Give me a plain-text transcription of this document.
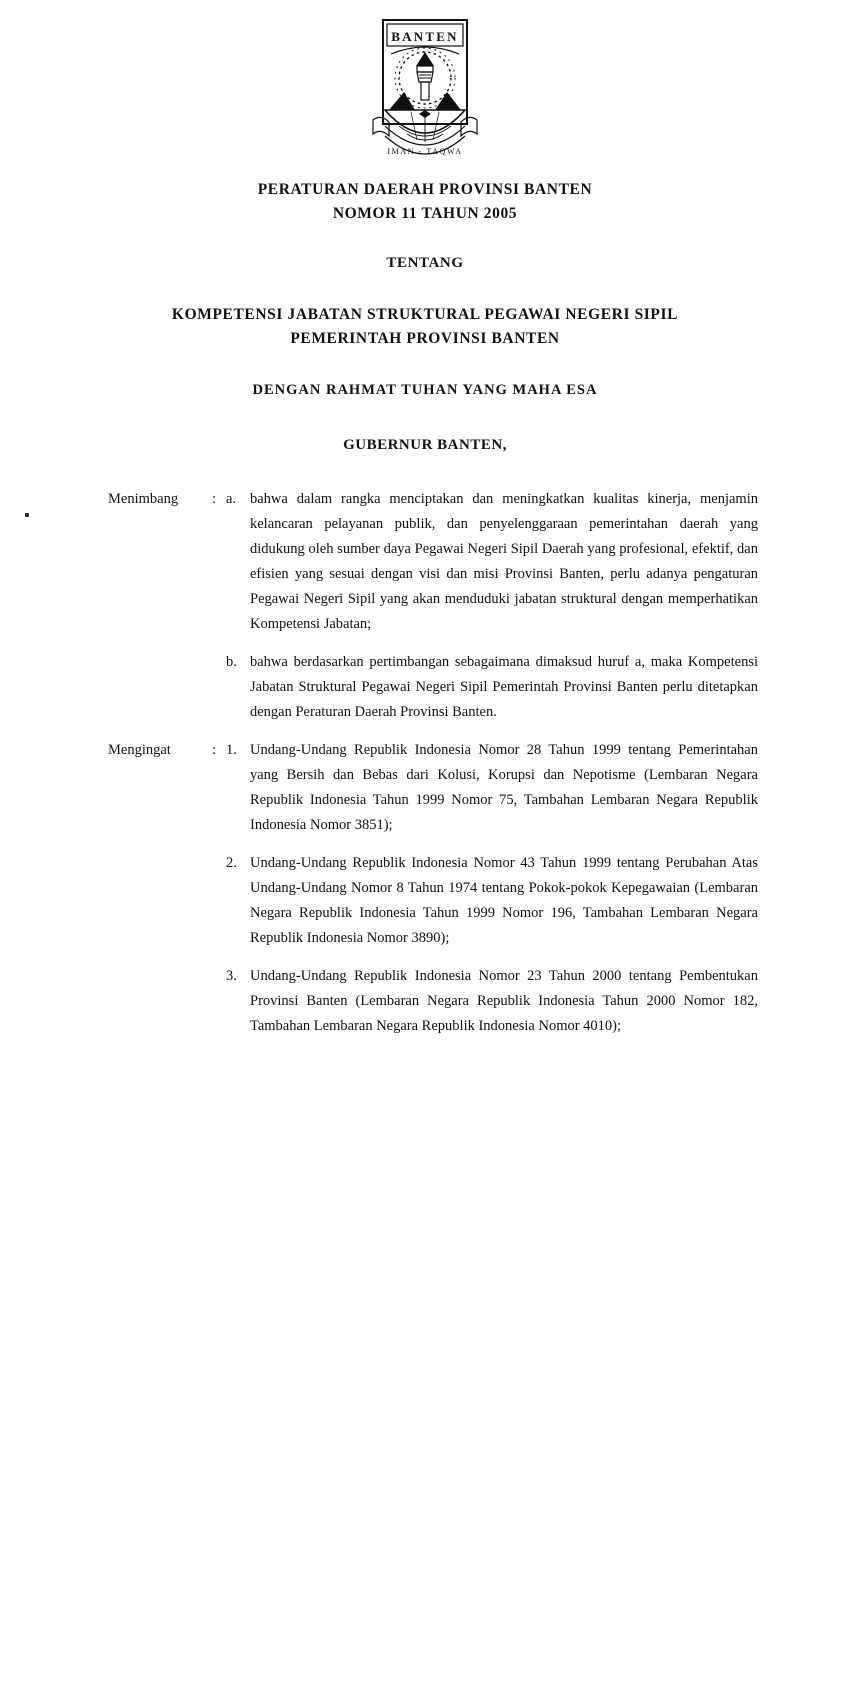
BANTEN
IMAN - TAQWA
PERATURAN DAERAH PROVINSI BANTEN
NOMOR 11 TAHUN 2005
TENTANG
KOMPETENSI JABATAN STRUKTURAL PEGAWAI NEGERI SIPIL
PEMERINTAH PROVINSI BANTEN
DENGAN RAHMAT TUHAN YANG MAHA ESA
GUBERNUR BANTEN,
Menimbang	: a. bahwa dalam rangka menciptakan dan meningkatkan kualitas kinerja, menjamin kelancaran pelayanan publik, dan penyelenggaraan pemerintahan daerah yang didukung oleh sumber daya Pegawai Negeri Sipil Daerah yang profesional, efektif, dan efisien yang sesuai dengan visi dan misi Provinsi Banten, perlu adanya pengaturan Pegawai Negeri Sipil yang akan menduduki jabatan struktural dengan memperhatikan Kompetensi Jabatan;
b. bahwa berdasarkan pertimbangan sebagaimana dimaksud huruf a, maka Kompetensi Jabatan Struktural Pegawai Negeri Sipil Pemerintah Provinsi Banten perlu ditetapkan dengan Peraturan Daerah Provinsi Banten.
Mengingat	: 1. Undang-Undang Republik Indonesia Nomor 28 Tahun 1999 tentang Pemerintahan yang Bersih dan Bebas dari Kolusi, Korupsi dan Nepotisme (Lembaran Negara Republik Indonesia Tahun 1999 Nomor 75, Tambahan Lembaran Negara Republik Indonesia Nomor 3851);
2. Undang-Undang Republik Indonesia Nomor 43 Tahun 1999 tentang Perubahan Atas Undang-Undang Nomor 8 Tahun 1974 tentang Pokok-pokok Kepegawaian (Lembaran Negara Republik Indonesia Tahun 1999 Nomor 196, Tambahan Lembaran Negara Republik Indonesia Nomor 3890);
3. Undang-Undang Republik Indonesia Nomor 23 Tahun 2000 tentang Pembentukan Provinsi Banten (Lembaran Negara Republik Indonesia Tahun 2000 Nomor 182, Tambahan Lembaran Negara Republik Indonesia Nomor 4010);
